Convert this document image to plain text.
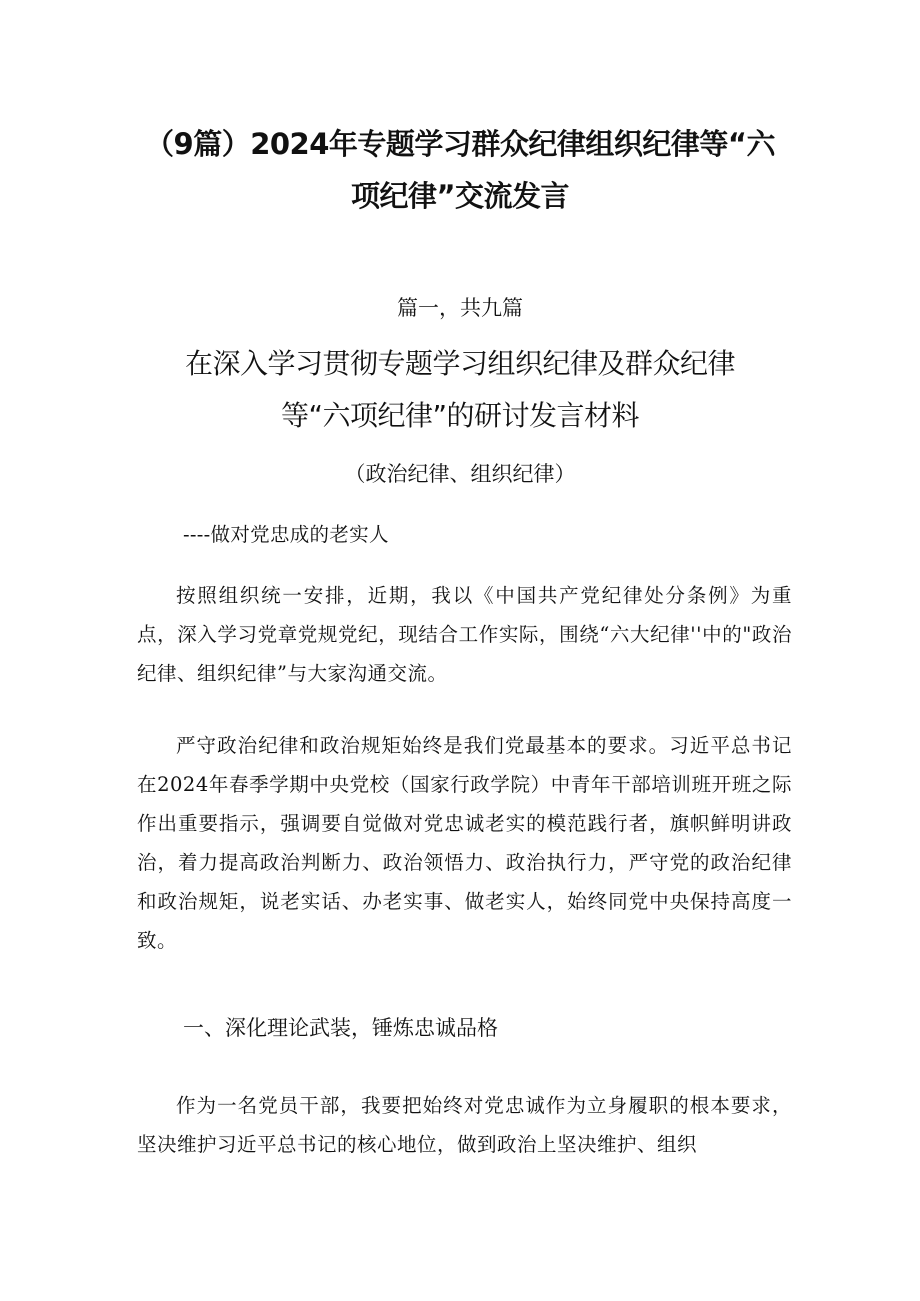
（9篇）2024年专题学习群众纪律组织纪律等“六项纪律”交流发言
篇一，共九篇
在深入学习贯彻专题学习组织纪律及群众纪律
等“六项纪律”的研讨发言材料
（政治纪律、组织纪律）
----做对党忠成的老实人
按照组织统一安排，近期，我以《中国共产党纪律处分条例》为重点，深入学习党章党规党纪，现结合工作实际，围绕“六大纪律''中的"政治纪律、组织纪律”与大家沟通交流。
严守政治纪律和政治规矩始终是我们党最基本的要求。习近平总书记在2024年春季学期中央党校（国家行政学院）中青年干部培训班开班之际作出重要指示，强调要自觉做对党忠诚老实的模范践行者，旗帜鲜明讲政治，着力提高政治判断力、政治领悟力、政治执行力，严守党的政治纪律和政治规矩，说老实话、办老实事、做老实人，始终同党中央保持高度一致。
一、深化理论武装，锤炼忠诚品格
作为一名党员干部，我要把始终对党忠诚作为立身履职的根本要求，坚决维护习近平总书记的核心地位，做到政治上坚决维护、组织
